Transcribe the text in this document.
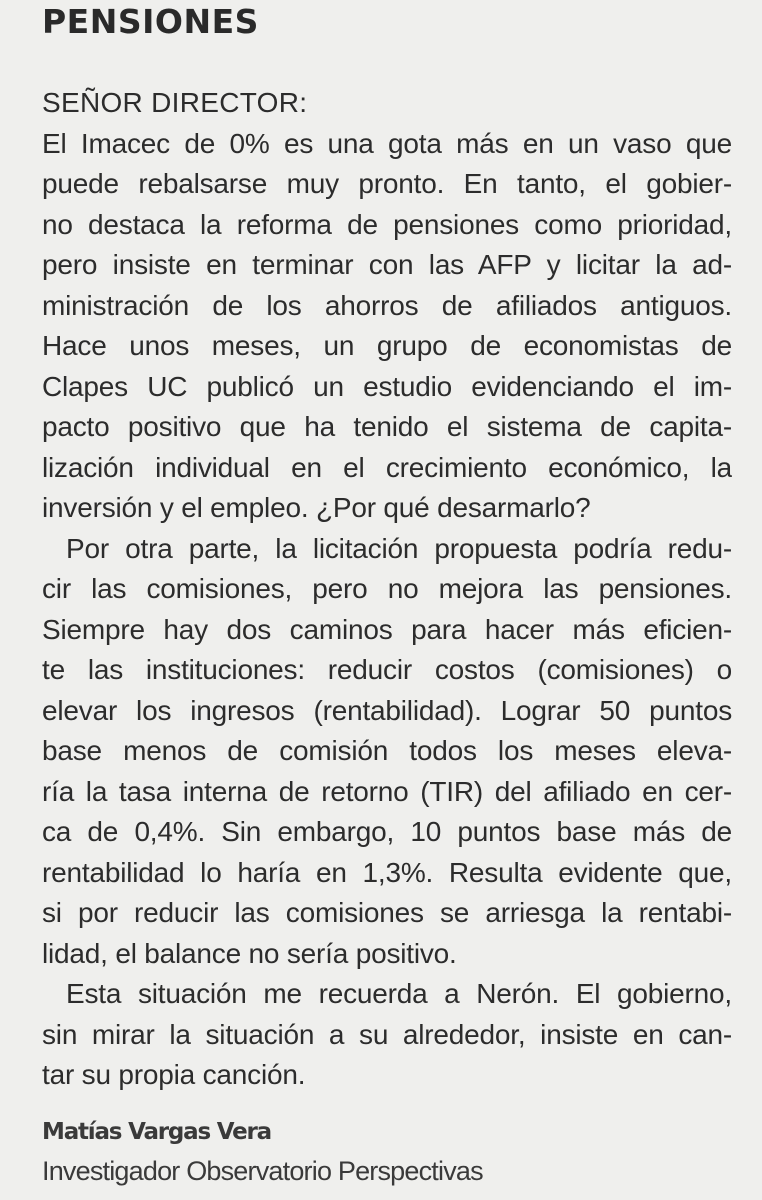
PENSIONES
SEÑOR DIRECTOR:
El Imacec de 0% es una gota más en un vaso que
puede rebalsarse muy pronto. En tanto, el gobier-
no destaca la reforma de pensiones como prioridad,
pero insiste en terminar con las AFP y licitar la ad-
ministración de los ahorros de afiliados antiguos.
Hace unos meses, un grupo de economistas de
Clapes UC publicó un estudio evidenciando el im-
pacto positivo que ha tenido el sistema de capita-
lización individual en el crecimiento económico, la
inversión y el empleo. ¿Por qué desarmarlo?
Por otra parte, la licitación propuesta podría redu-
cir las comisiones, pero no mejora las pensiones.
Siempre hay dos caminos para hacer más eficien-
te las instituciones: reducir costos (comisiones) o
elevar los ingresos (rentabilidad). Lograr 50 puntos
base menos de comisión todos los meses eleva-
ría la tasa interna de retorno (TIR) del afiliado en cer-
ca de 0,4%. Sin embargo, 10 puntos base más de
rentabilidad lo haría en 1,3%. Resulta evidente que,
si por reducir las comisiones se arriesga la rentabi-
lidad, el balance no sería positivo.
Esta situación me recuerda a Nerón. El gobierno,
sin mirar la situación a su alrededor, insiste en can-
tar su propia canción.
Matías Vargas Vera
Investigador Observatorio Perspectivas
